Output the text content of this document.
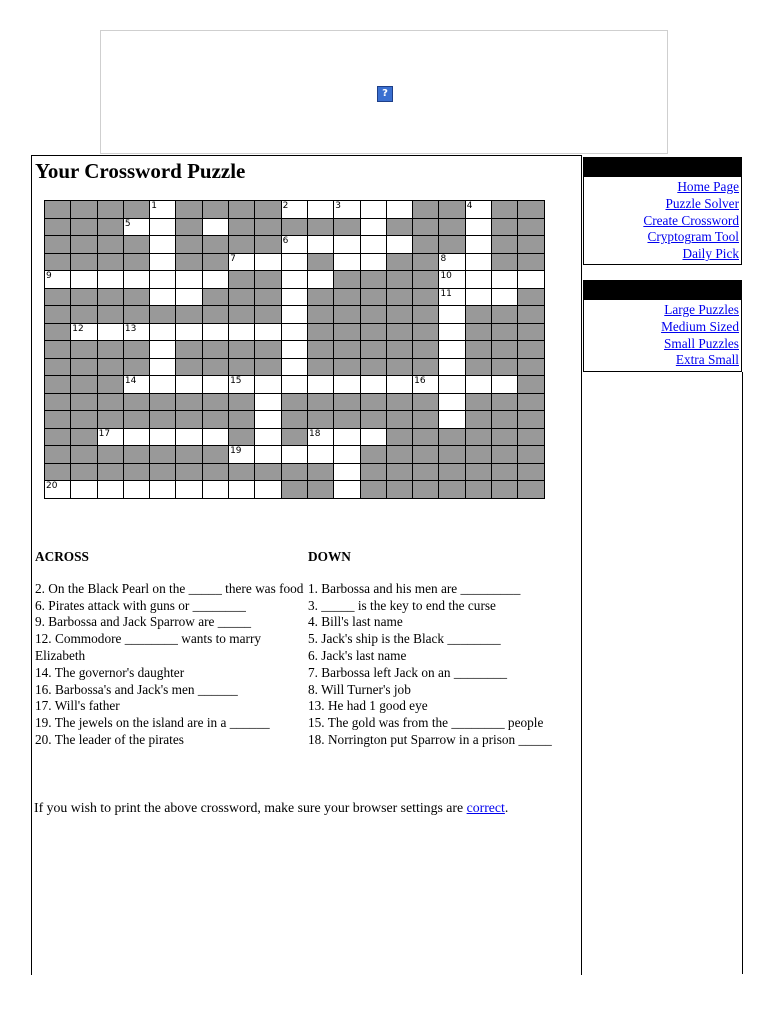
?
Your Crossword Puzzle

				1					2		3					4		

			5															

									6									

							7								8			

9															10			

															11			

	12		13															

			14				15							16				

		17								18								

							19											

20																		

ACROSS
2. On the Black Pearl on the _____ there was food
6. Pirates attack with guns or ________
9. Barbossa and Jack Sparrow are _____
12. Commodore ________ wants to marry Elizabeth
14. The governor's daughter
16. Barbossa's and Jack's men ______
17. Will's father
19. The jewels on the island are in a ______
20. The leader of the pirates
DOWN
1. Barbossa and his men are _________
3. _____ is the key to end the curse
4. Bill's last name
5. Jack's ship is the Black ________
6. Jack's last name
7. Barbossa left Jack on an ________
8. Will Turner's job
13. He had 1 good eye
15. The gold was from the ________ people
18. Norrington put Sparrow in a prison _____
If you wish to print the above crossword, make sure your browser settings are correct.
Home Page
Puzzle Solver
Create Crossword
Cryptogram Tool
Daily Pick
Large Puzzles
Medium Sized
Small Puzzles
Extra Small
